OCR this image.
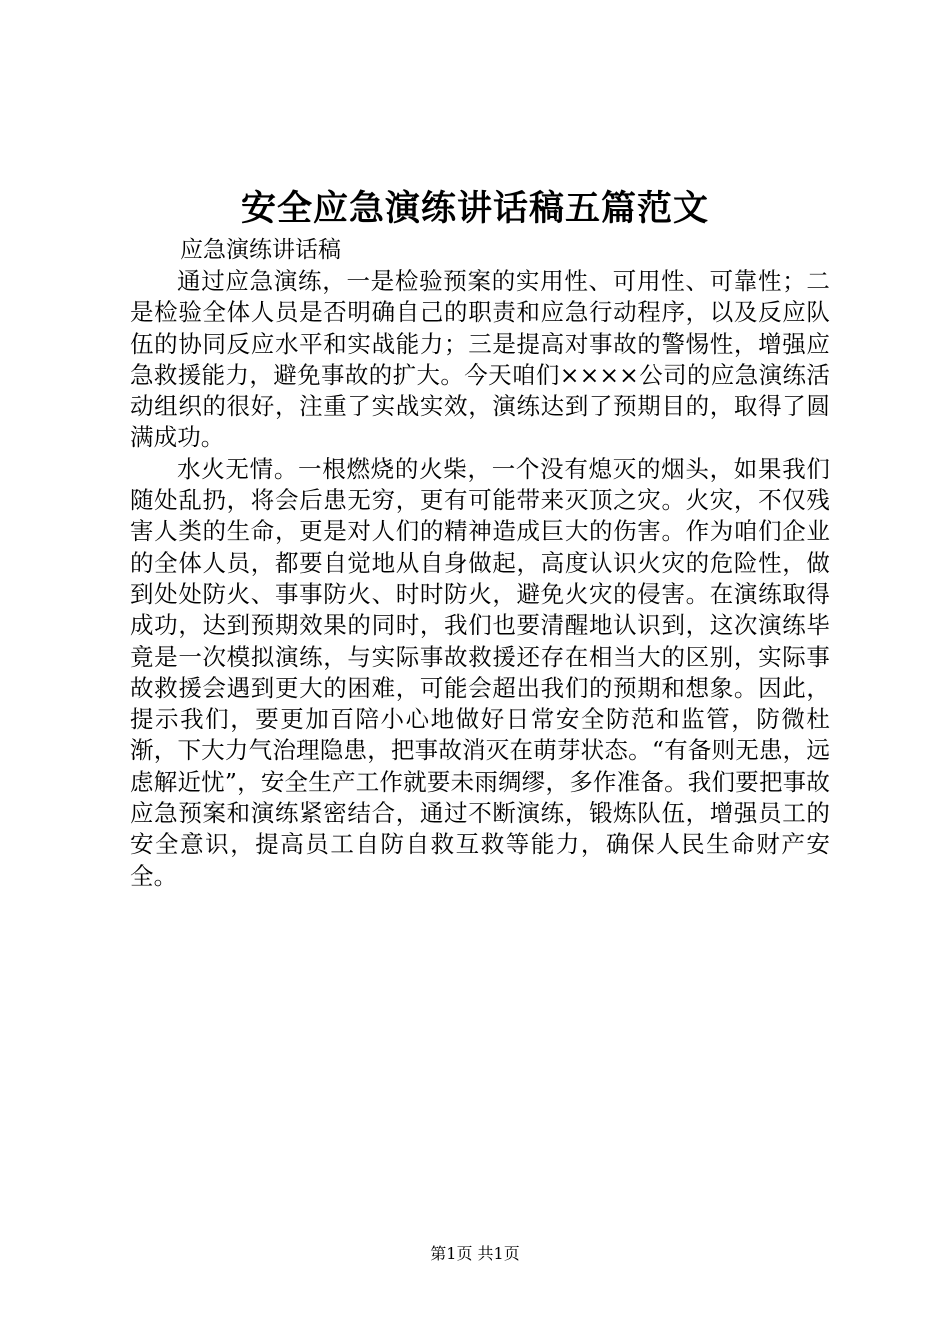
安全应急演练讲话稿五篇范文

应急演练讲话稿

通过应急演练，一是检验预案的实用性、可用性、可靠性；二是检验全体人员是否明确自己的职责和应急行动程序，以及反应队伍的协同反应水平和实战能力；三是提高对事故的警惕性，增强应急救援能力，避免事故的扩大。今天咱们××××公司的应急演练活动组织的很好，注重了实战实效，演练达到了预期目的，取得了圆满成功。

水火无情。一根燃烧的火柴，一个没有熄灭的烟头，如果我们随处乱扔，将会后患无穷，更有可能带来灭顶之灾。火灾，不仅残害人类的生命，更是对人们的精神造成巨大的伤害。作为咱们企业的全体人员，都要自觉地从自身做起，高度认识火灾的危险性，做到处处防火、事事防火、时时防火，避免火灾的侵害。在演练取得成功，达到预期效果的同时，我们也要清醒地认识到，这次演练毕竟是一次模拟演练，与实际事故救援还存在相当大的区别，实际事故救援会遇到更大的困难，可能会超出我们的预期和想象。因此，提示我们，要更加百陪小心地做好日常安全防范和监管，防微杜渐，下大力气治理隐患，把事故消灭在萌芽状态。“有备则无患，远虑解近忧”，安全生产工作就要未雨绸缪，多作准备。我们要把事故应急预案和演练紧密结合，通过不断演练，锻炼队伍，增强员工的安全意识，提高员工自防自救互救等能力，确保人民生命财产安全。

第1页 共1页
